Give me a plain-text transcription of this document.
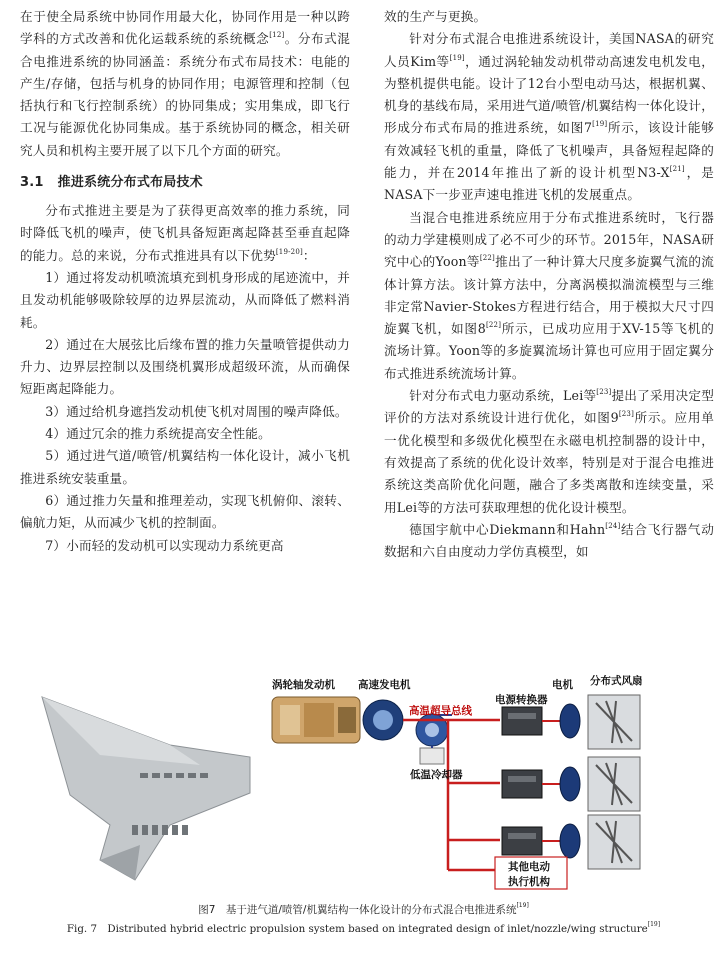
在于使全局系统中协同作用最大化，协同作用是一种以跨学科的方式改善和优化运载系统的系统概念[12]。分布式混合电推进系统的协同涵盖：系统分布式布局技术：电能的产生/存储，包括与机身的协同作用；电源管理和控制（包括执行和飞行控制系统）的协同集成；实用集成，即飞行工况与能源优化协同集成。基于系统协同的概念，相关研究人员和机构主要开展了以下几个方面的研究。

3.1 推进系统分布式布局技术

分布式推进主要是为了获得更高效率的推力系统，同时降低飞机的噪声，使飞机具备短距离起降甚至垂直起降的能力。总的来说，分布式推进具有以下优势[19-20]：

1）通过将发动机喷流填充到机身形成的尾迹流中，并且发动机能够吸除较厚的边界层流动，从而降低了燃料消耗。

2）通过在大展弦比后缘布置的推力矢量喷管提供动力升力、边界层控制以及围绕机翼形成超级环流，从而确保短距离起降能力。

3）通过给机身遮挡发动机使飞机对周围的噪声降低。

4）通过冗余的推力系统提高安全性能。

5）通过进气道/喷管/机翼结构一体化设计，减小飞机推进系统安装重量。

6）通过推力矢量和推理差动，实现飞机俯仰、滚转、偏航力矩，从而减少飞机的控制面。

7）小而轻的发动机可以实现动力系统更高

效的生产与更换。

针对分布式混合电推进系统设计，美国NASA的研究人员Kim等[19]，通过涡轮轴发动机带动高速发电机发电，为整机提供电能。设计了12台小型电动马达，根据机翼、机身的基线布局，采用进气道/喷管/机翼结构一体化设计，形成分布式布局的推进系统，如图7[19]所示，该设计能够有效减轻飞机的重量，降低了飞机噪声，具备短程起降的能力，并在2014年推出了新的设计机型N3-X[21]，是NASA下一步亚声速电推进飞机的发展重点。

当混合电推进系统应用于分布式推进系统时，飞行器的动力学建模则成了必不可少的环节。2015年，NASA研究中心的Yoon等[22]推出了一种计算大尺度多旋翼气流的流体计算方法。该计算方法中，分离涡模拟湍流模型与三维非定常Navier-Stokes方程进行结合，用于模拟大尺寸四旋翼飞机，如图8[22]所示，已成功应用于XV-15等飞机的流场计算。Yoon等的多旋翼流场计算也可应用于固定翼分布式推进系统流场计算。

针对分布式电力驱动系统，Lei等[23]提出了采用决定型评价的方法对系统设计进行优化，如图9[23]所示。应用单一优化模型和多级优化模型在永磁电机控制器的设计中，有效提高了系统的优化设计效率，特别是对于混合电推进系统这类高阶优化问题，融合了多类离散和连续变量，采用Lei等的方法可获取理想的优化设计模型。

德国宇航中心Diekmann和Hahn[24]结合飞行器气动数据和六自由度动力学仿真模型，如

涡轮轴发动机 高速发电机
高温超导总线
电源转换器
电机 分布式风扇
低温冷却器
其他电动
执行机构
图7　基于进气道/喷管/机翼结构一体化设计的分布式混合电推进系统[19]
Fig. 7　Distributed hybrid electric propulsion system based on integrated design of inlet/nozzle/wing structure[19]
